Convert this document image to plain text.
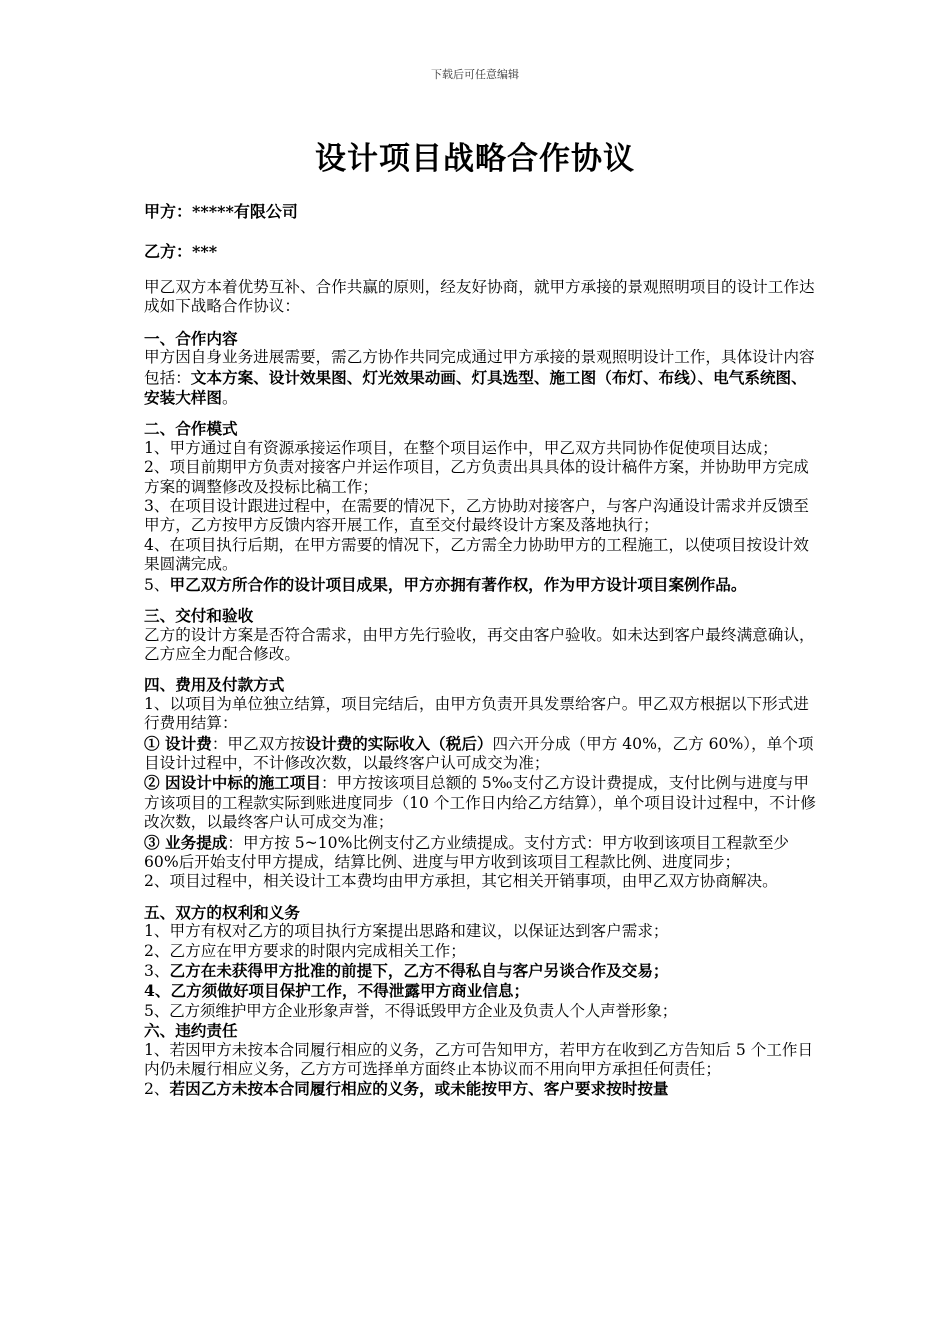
下载后可任意编辑
设计项目战略合作协议

甲方：*****有限公司

乙方：***

甲乙双方本着优势互补、合作共赢的原则，经友好协商，就甲方承接的景观照明项目的设计工作达成如下战略合作协议：

一、合作内容

甲方因自身业务进展需要，需乙方协作共同完成通过甲方承接的景观照明设计工作，具体设计内容包括：文本方案、设计效果图、灯光效果动画、灯具选型、施工图（布灯、布线）、电气系统图、安装大样图。

二、合作模式

1、甲方通过自有资源承接运作项目，在整个项目运作中，甲乙双方共同协作促使项目达成；

2、项目前期甲方负责对接客户并运作项目，乙方负责出具具体的设计稿件方案，并协助甲方完成方案的调整修改及投标比稿工作；

3、在项目设计跟进过程中，在需要的情况下，乙方协助对接客户，与客户沟通设计需求并反馈至甲方，乙方按甲方反馈内容开展工作，直至交付最终设计方案及落地执行；

4、在项目执行后期，在甲方需要的情况下，乙方需全力协助甲方的工程施工，以使项目按设计效果圆满完成。

5、甲乙双方所合作的设计项目成果，甲方亦拥有著作权，作为甲方设计项目案例作品。

三、交付和验收

乙方的设计方案是否符合需求，由甲方先行验收，再交由客户验收。如未达到客户最终满意确认，乙方应全力配合修改。

四、费用及付款方式

1、以项目为单位独立结算，项目完结后，由甲方负责开具发票给客户。甲乙双方根据以下形式进行费用结算：

① 设计费：甲乙双方按设计费的实际收入（税后）四六开分成（甲方 40%，乙方 60%），单个项目设计过程中，不计修改次数，以最终客户认可成交为准；

② 因设计中标的施工项目：甲方按该项目总额的 5‰支付乙方设计费提成，支付比例与进度与甲方该项目的工程款实际到账进度同步（10 个工作日内给乙方结算），单个项目设计过程中，不计修改次数，以最终客户认可成交为准；

③ 业务提成：甲方按 5~10%比例支付乙方业绩提成。支付方式：甲方收到该项目工程款至少 60%后开始支付甲方提成，结算比例、进度与甲方收到该项目工程款比例、进度同步；

2、项目过程中，相关设计工本费均由甲方承担，其它相关开销事项，由甲乙双方协商解决。

五、双方的权利和义务

1、甲方有权对乙方的项目执行方案提出思路和建议，以保证达到客户需求；

2、乙方应在甲方要求的时限内完成相关工作；

3、乙方在未获得甲方批准的前提下，乙方不得私自与客户另谈合作及交易；

4、乙方须做好项目保护工作，不得泄露甲方商业信息；

5、乙方须维护甲方企业形象声誉，不得诋毁甲方企业及负责人个人声誉形象；

六、违约责任

1、若因甲方未按本合同履行相应的义务，乙方可告知甲方，若甲方在收到乙方告知后 5 个工作日内仍未履行相应义务，乙方方可选择单方面终止本协议而不用向甲方承担任何责任；

2、若因乙方未按本合同履行相应的义务，或未能按甲方、客户要求按时按量
